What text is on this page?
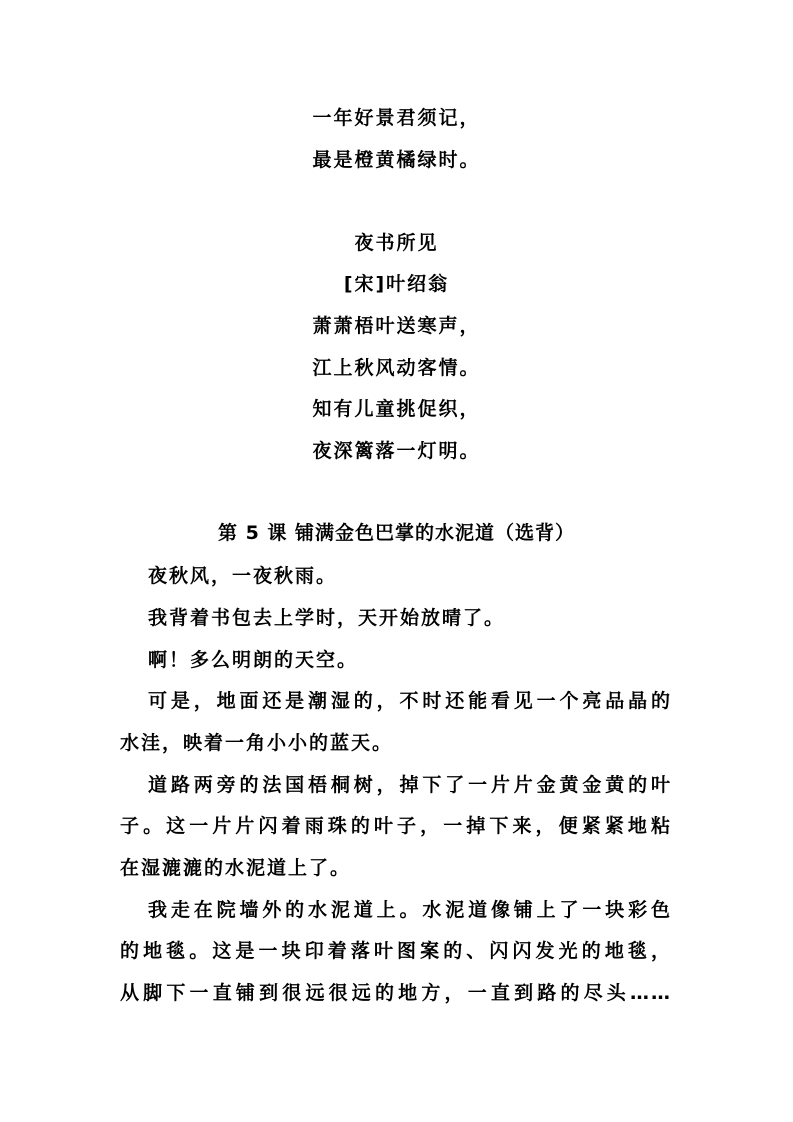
一年好景君须记，

最是橙黄橘绿时。

夜书所见

[宋]叶绍翁

萧萧梧叶送寒声，

江上秋风动客情。

知有儿童挑促织，

夜深篱落一灯明。

第 5 课 铺满金色巴掌的水泥道（选背）

夜秋风，一夜秋雨。

我背着书包去上学时，天开始放晴了。

啊！多么明朗的天空。

可是，地面还是潮湿的，不时还能看见一个亮品晶的

水洼，映着一角小小的蓝天。

道路两旁的法国梧桐树，掉下了一片片金黄金黄的叶

子。这一片片闪着雨珠的叶子，一掉下来，便紧紧地粘

在湿漉漉的水泥道上了。

我走在院墙外的水泥道上。水泥道像铺上了一块彩色

的地毯。这是一块印着落叶图案的、闪闪发光的地毯，

从脚下一直铺到很远很远的地方，一直到路的尽头……
